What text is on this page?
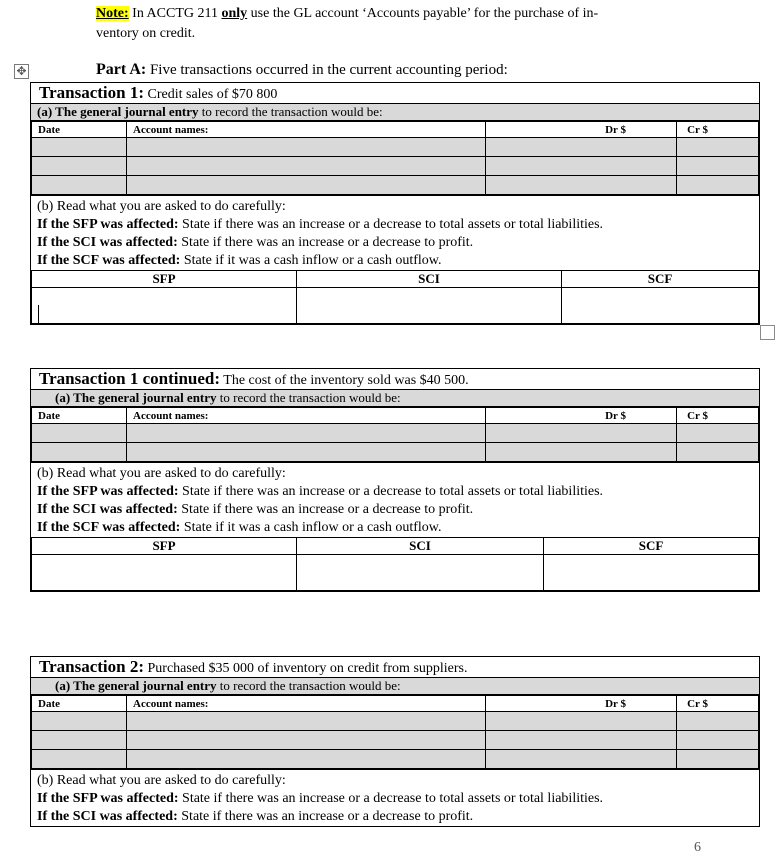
Note: In ACCTG 211 only use the GL account ‘Accounts payable’ for the purchase of in-
ventory on credit.
✥	Part A: Five transactions occurred in the current accounting period:
Transaction 1: Credit sales of $70 800
(a) The general journal entry to record the transaction would be:
Date	Account names:	Dr $	Cr $

(b) Read what you are asked to do carefully:
If the SFP was affected: State if there was an increase or a decrease to total assets or total liabilities.
If the SCI was affected: State if there was an increase or a decrease to profit.
If the SCF was affected: State if it was a cash inflow or a cash outflow.
SFP	SCI	SCF

Transaction 1 continued: The cost of the inventory sold was $40 500.
(a) The general journal entry to record the transaction would be:
Date	Account names:	Dr $	Cr $

(b) Read what you are asked to do carefully:
If the SFP was affected: State if there was an increase or a decrease to total assets or total liabilities.
If the SCI was affected: State if there was an increase or a decrease to profit.
If the SCF was affected: State if it was a cash inflow or a cash outflow.
SFP	SCI	SCF

Transaction 2: Purchased $35 000 of inventory on credit from suppliers.
(a) The general journal entry to record the transaction would be:
Date	Account names:	Dr $	Cr $

(b) Read what you are asked to do carefully:
If the SFP was affected: State if there was an increase or a decrease to total assets or total liabilities.
If the SCI was affected: State if there was an increase or a decrease to profit.
6
